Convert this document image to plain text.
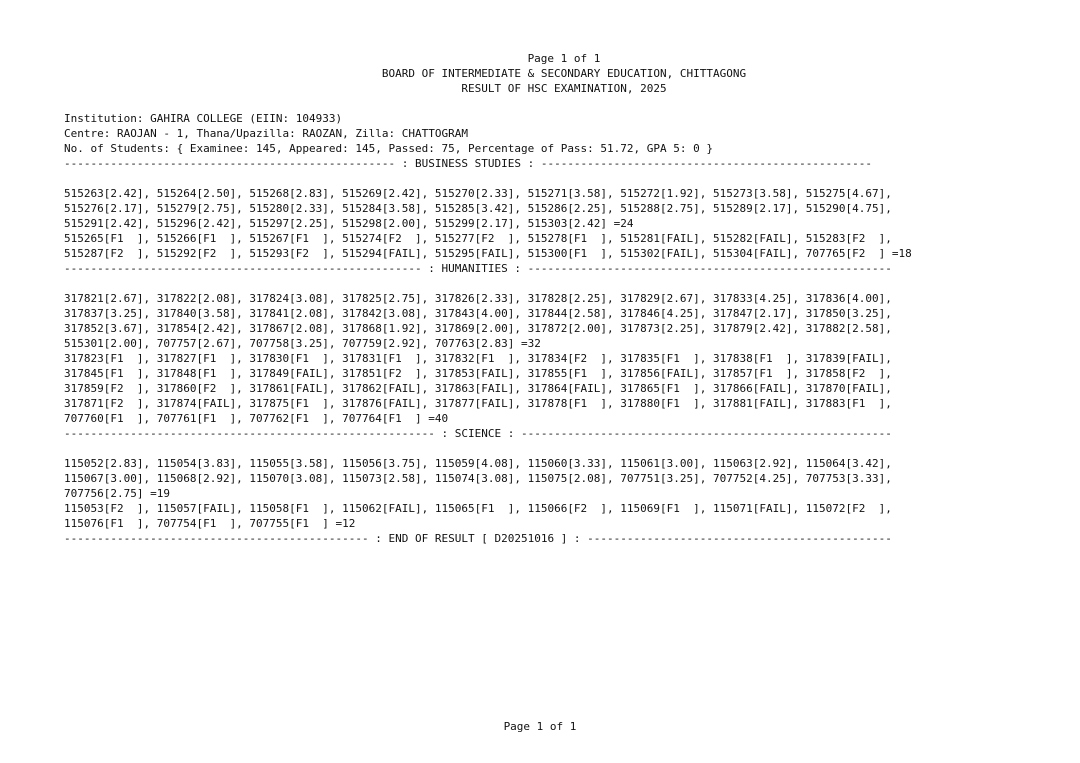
Page 1 of 1
BOARD OF INTERMEDIATE & SECONDARY EDUCATION, CHITTAGONG
RESULT OF HSC EXAMINATION, 2025
Institution: GAHIRA COLLEGE (EIIN: 104933)
Centre: RAOJAN - 1, Thana/Upazilla: RAOZAN, Zilla: CHATTOGRAM
No. of Students: { Examinee: 145, Appeared: 145, Passed: 75, Percentage of Pass: 51.72, GPA 5: 0 }
-------------------------------------------------- : BUSINESS STUDIES : --------------------------------------------------
515263[2.42], 515264[2.50], 515268[2.83], 515269[2.42], 515270[2.33], 515271[3.58], 515272[1.92], 515273[3.58], 515275[4.67],
515276[2.17], 515279[2.75], 515280[2.33], 515284[3.58], 515285[3.42], 515286[2.25], 515288[2.75], 515289[2.17], 515290[4.75],
515291[2.42], 515296[2.42], 515297[2.25], 515298[2.00], 515299[2.17], 515303[2.42] =24
515265[F1  ], 515266[F1  ], 515267[F1  ], 515274[F2  ], 515277[F2  ], 515278[F1  ], 515281[FAIL], 515282[FAIL], 515283[F2  ],
515287[F2  ], 515292[F2  ], 515293[F2  ], 515294[FAIL], 515295[FAIL], 515300[F1  ], 515302[FAIL], 515304[FAIL], 707765[F2  ] =18
------------------------------------------------------ : HUMANITIES : -------------------------------------------------------
317821[2.67], 317822[2.08], 317824[3.08], 317825[2.75], 317826[2.33], 317828[2.25], 317829[2.67], 317833[4.25], 317836[4.00],
317837[3.25], 317840[3.58], 317841[2.08], 317842[3.08], 317843[4.00], 317844[2.58], 317846[4.25], 317847[2.17], 317850[3.25],
317852[3.67], 317854[2.42], 317867[2.08], 317868[1.92], 317869[2.00], 317872[2.00], 317873[2.25], 317879[2.42], 317882[2.58],
515301[2.00], 707757[2.67], 707758[3.25], 707759[2.92], 707763[2.83] =32
317823[F1  ], 317827[F1  ], 317830[F1  ], 317831[F1  ], 317832[F1  ], 317834[F2  ], 317835[F1  ], 317838[F1  ], 317839[FAIL],
317845[F1  ], 317848[F1  ], 317849[FAIL], 317851[F2  ], 317853[FAIL], 317855[F1  ], 317856[FAIL], 317857[F1  ], 317858[F2  ],
317859[F2  ], 317860[F2  ], 317861[FAIL], 317862[FAIL], 317863[FAIL], 317864[FAIL], 317865[F1  ], 317866[FAIL], 317870[FAIL],
317871[F2  ], 317874[FAIL], 317875[F1  ], 317876[FAIL], 317877[FAIL], 317878[F1  ], 317880[F1  ], 317881[FAIL], 317883[F1  ],
707760[F1  ], 707761[F1  ], 707762[F1  ], 707764[F1  ] =40
-------------------------------------------------------- : SCIENCE : --------------------------------------------------------
115052[2.83], 115054[3.83], 115055[3.58], 115056[3.75], 115059[4.08], 115060[3.33], 115061[3.00], 115063[2.92], 115064[3.42],
115067[3.00], 115068[2.92], 115070[3.08], 115073[2.58], 115074[3.08], 115075[2.08], 707751[3.25], 707752[4.25], 707753[3.33],
707756[2.75] =19
115053[F2  ], 115057[FAIL], 115058[F1  ], 115062[FAIL], 115065[F1  ], 115066[F2  ], 115069[F1  ], 115071[FAIL], 115072[F2  ],
115076[F1  ], 707754[F1  ], 707755[F1  ] =12
---------------------------------------------- : END OF RESULT [ D20251016 ] : ----------------------------------------------
Page 1 of 1
